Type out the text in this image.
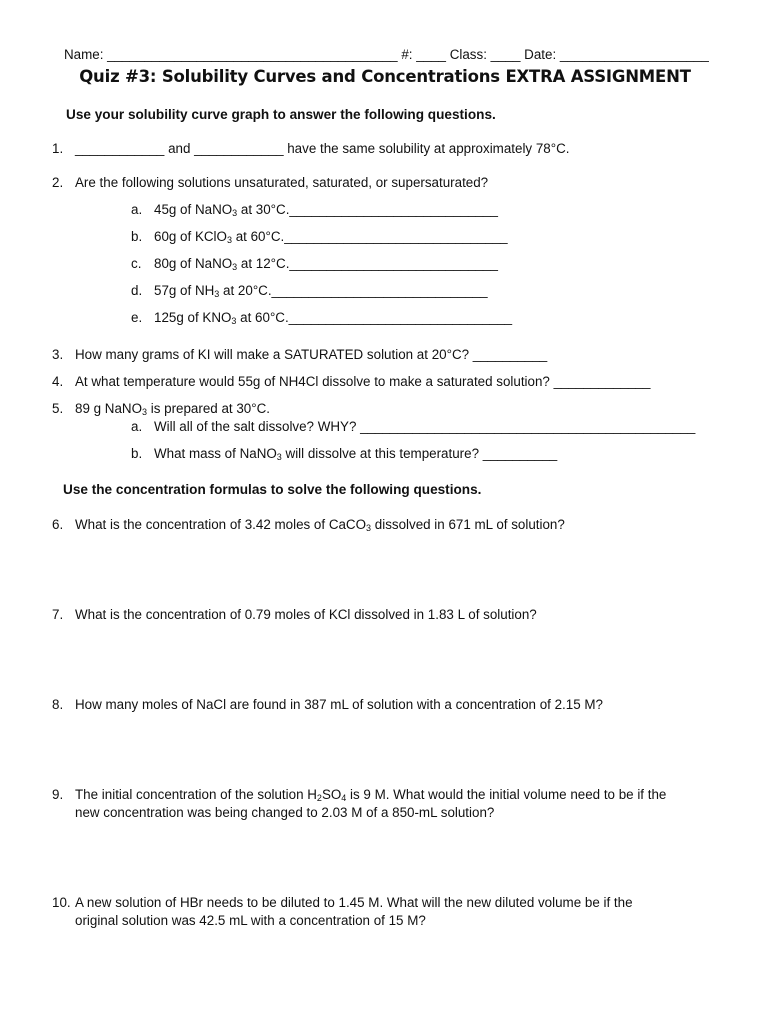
Name: _______________________________________ #: ____ Class: ____ Date: ____________________
Quiz #3: Solubility Curves and Concentrations EXTRA ASSIGNMENT
Use your solubility curve graph to answer the following questions.
1. ____________ and ____________ have the same solubility at approximately 78°C.
2. Are the following solutions unsaturated, saturated, or supersaturated?
a. 45g of NaNO$_3$ at 30°C.____________________________
b. 60g of KClO$_3$ at 60°C.______________________________
c. 80g of NaNO$_3$ at 12°C.____________________________
d. 57g of $NH_3$ at 20°C._____________________________
e. 125g of $KNO_3$ at 60°C.______________________________
3. How many grams of KI will make a SATURATED solution at 20°C? __________
4. At what temperature would 55g of NH4Cl dissolve to make a saturated solution? _____________
5. 89 g NaNO$_3$ is prepared at 30°C.
a. Will all of the salt dissolve? WHY? _____________________________________________
b. What mass of NaNO$_3$ will dissolve at this temperature? __________
Use the concentration formulas to solve the following questions.
6. What is the concentration of 3.42 moles of CaCO$_3$ dissolved in 671 mL of solution?
7. What is the concentration of 0.79 moles of KCl dissolved in 1.83 L of solution?
8. How many moles of NaCl are found in 387 mL of solution with a concentration of 2.15 M?
9. The initial concentration of the solution $H_2SO_4$ is 9 M. What would the initial volume need to be if the
new concentration was being changed to 2.03 M of a 850-mL solution?
10. A new solution of HBr needs to be diluted to 1.45 M. What will the new diluted volume be if the
original solution was 42.5 mL with a concentration of 15 M?
